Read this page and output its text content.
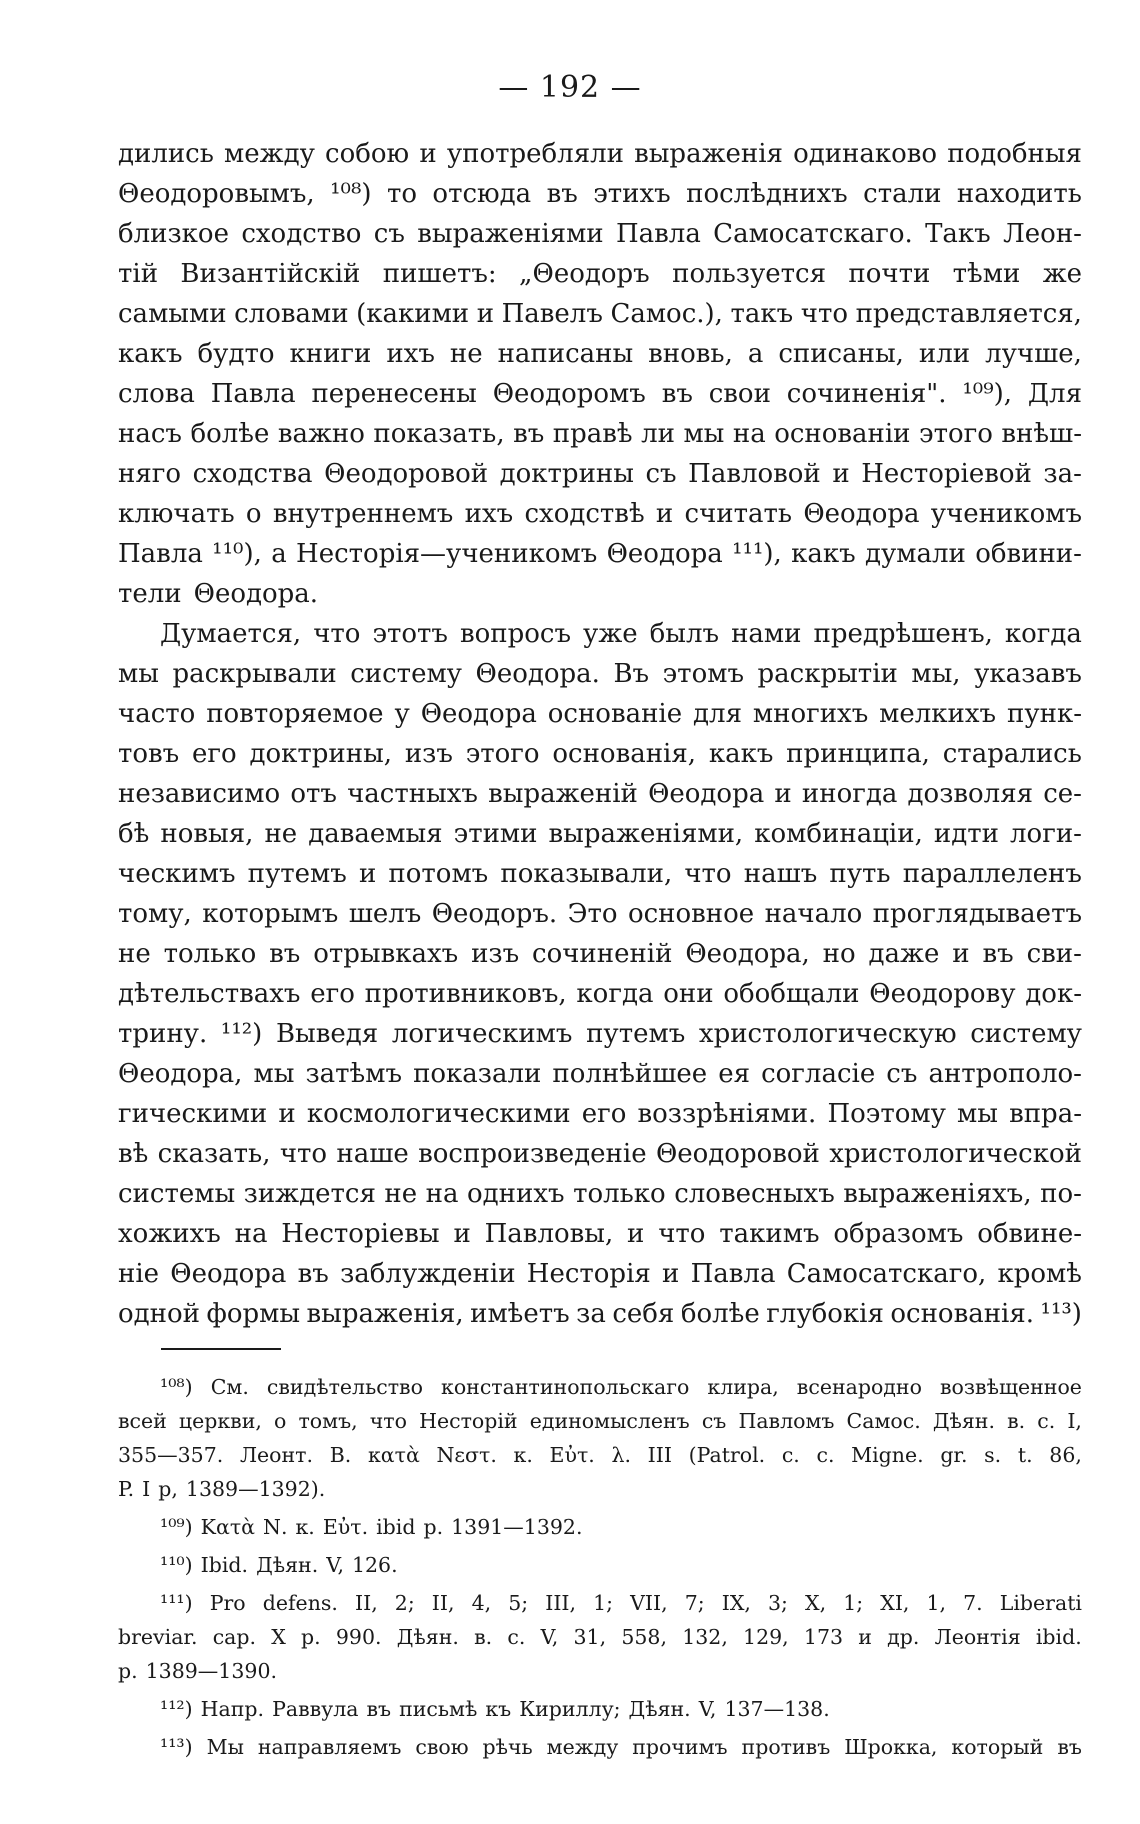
— 192 —
дились между собою и употребляли выраженія одинаково подобныя
Θеодоровымъ, ¹⁰⁸) то отсюда въ этихъ послѣднихъ стали находить
близкое сходство съ выраженіями Павла Самосатскаго. Такъ Леон-
тій Византійскій пишетъ: „Θеодоръ пользуется почти тѣми же
самыми словами (какими и Павелъ Самос.), такъ что представляется,
какъ будто книги ихъ не написаны вновь, а списаны, или лучше,
слова Павла перенесены Θеодоромъ въ свои сочиненія". ¹⁰⁹), Для
насъ болѣе важно показать, въ правѣ ли мы на основаніи этого внѣш-
няго сходства Θеодоровой доктрины съ Павловой и Несторіевой за-
ключать о внутреннемъ ихъ сходствѣ и считать Θеодора ученикомъ
Павла ¹¹⁰), а Несторія—ученикомъ Θеодора ¹¹¹), какъ думали обвини-
тели Θеодора.
Думается, что этотъ вопросъ уже былъ нами предрѣшенъ, когда
мы раскрывали систему Θеодора. Въ этомъ раскрытіи мы, указавъ
часто повторяемое у Θеодора основаніе для многихъ мелкихъ пунк-
товъ его доктрины, изъ этого основанія, какъ принципа, старались
независимо отъ частныхъ выраженій Θеодора и иногда дозволяя се-
бѣ новыя, не даваемыя этими выраженіями, комбинаціи, идти логи-
ческимъ путемъ и потомъ показывали, что нашъ путь параллеленъ
тому, которымъ шелъ Θеодоръ. Это основное начало проглядываетъ
не только въ отрывкахъ изъ сочиненій Θеодора, но даже и въ сви-
дѣтельствахъ его противниковъ, когда они обобщали Θеодорову док-
трину. ¹¹²) Выведя логическимъ путемъ христологическую систему
Θеодора, мы затѣмъ показали полнѣйшее ея согласіе съ антрополо-
гическими и космологическими его воззрѣніями. Поэтому мы впра-
вѣ сказать, что наше воспроизведеніе Θеодоровой христологической
системы зиждется не на однихъ только словесныхъ выраженіяхъ, по-
хожихъ на Несторіевы и Павловы, и что такимъ образомъ обвине-
ніе Θеодора въ заблужденіи Несторія и Павла Самосатскаго, кромѣ
одной формы выраженія, имѣетъ за себя болѣе глубокія основанія. ¹¹³)
¹⁰⁸) См. свидѣтельство константинопольскаго клира, всенародно возвѣщенное
всей церкви, о томъ, что Несторій единомысленъ съ Павломъ Самос. Дѣян. в. с. I,
355—357. Леонт. В. κατὰ Νεστ. κ. Εὐτ. λ. III (Patrol. c. c. Migne. gr. s. t. 86,
P. I p, 1389—1392).
¹⁰⁹) Κατὰ Ν. κ. Εὐτ. ibid p. 1391—1392.
¹¹⁰) Ibid. Дѣян. V, 126.
¹¹¹) Pro defens. II, 2; II, 4, 5; III, 1; VII, 7; IX, 3; X, 1; XI, 1, 7. Liberati
breviar. cap. X p. 990. Дѣян. в. с. V, 31, 558, 132, 129, 173 и др. Леонтія ibid.
p. 1389—1390.
¹¹²) Напр. Раввула въ письмѣ къ Кириллу; Дѣян. V, 137—138.
¹¹³) Мы направляемъ свою рѣчь между прочимъ противъ Шрокка, который въ
